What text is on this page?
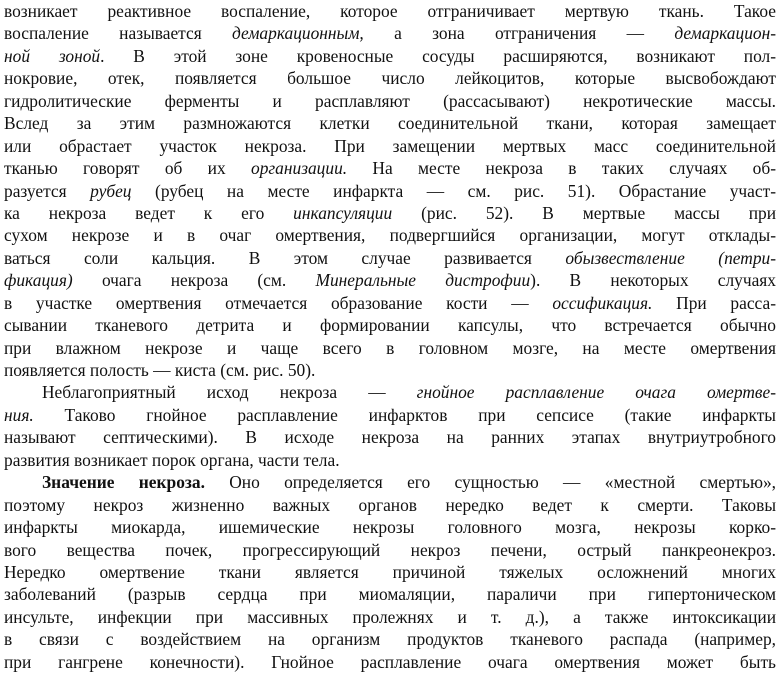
возникает реактивное воспаление, которое отграничивает мертвую ткань. Такое
воспаление называется демаркационным, а зона отграничения — демаркацион-
ной зоной. В этой зоне кровеносные сосуды расширяются, возникают пол-
нокровие, отек, появляется большое число лейкоцитов, которые высвобождают
гидролитические ферменты и расплавляют (рассасывают) некротические массы.
Вслед за этим размножаются клетки соединительной ткани, которая замещает
или обрастает участок некроза. При замещении мертвых масс соединительной
тканью говорят об их организации. На месте некроза в таких случаях об-
разуется рубец (рубец на месте инфаркта — см. рис. 51). Обрастание участ-
ка некроза ведет к его инкапсуляции (рис. 52). В мертвые массы при
сухом некрозе и в очаг омертвения, подвергшийся организации, могут отклады-
ваться соли кальция. В этом случае развивается обызвествление (петри-
фикация) очага некроза (см. Минеральные дистрофии). В некоторых случаях
в участке омертвения отмечается образование кости — оссификация. При расса-
сывании тканевого детрита и формировании капсулы, что встречается обычно
при влажном некрозе и чаще всего в головном мозге, на месте омертвения
появляется полость — киста (см. рис. 50).
Неблагоприятный исход некроза — гнойное расплавление очага омертве-
ния. Таково гнойное расплавление инфарктов при сепсисе (такие инфаркты
называют септическими). В исходе некроза на ранних этапах внутриутробного
развития возникает порок органа, части тела.
Значение некроза. Оно определяется его сущностью — «местной смертью»,
поэтому некроз жизненно важных органов нередко ведет к смерти. Таковы
инфаркты миокарда, ишемические некрозы головного мозга, некрозы корко-
вого вещества почек, прогрессирующий некроз печени, острый панкреонекроз.
Нередко омертвение ткани является причиной тяжелых осложнений многих
заболеваний (разрыв сердца при миомаляции, параличи при гипертоническом
инсульте, инфекции при массивных пролежнях и т. д.), а также интоксикации
в связи с воздействием на организм продуктов тканевого распада (например,
при гангрене конечности). Гнойное расплавление очага омертвения может быть
